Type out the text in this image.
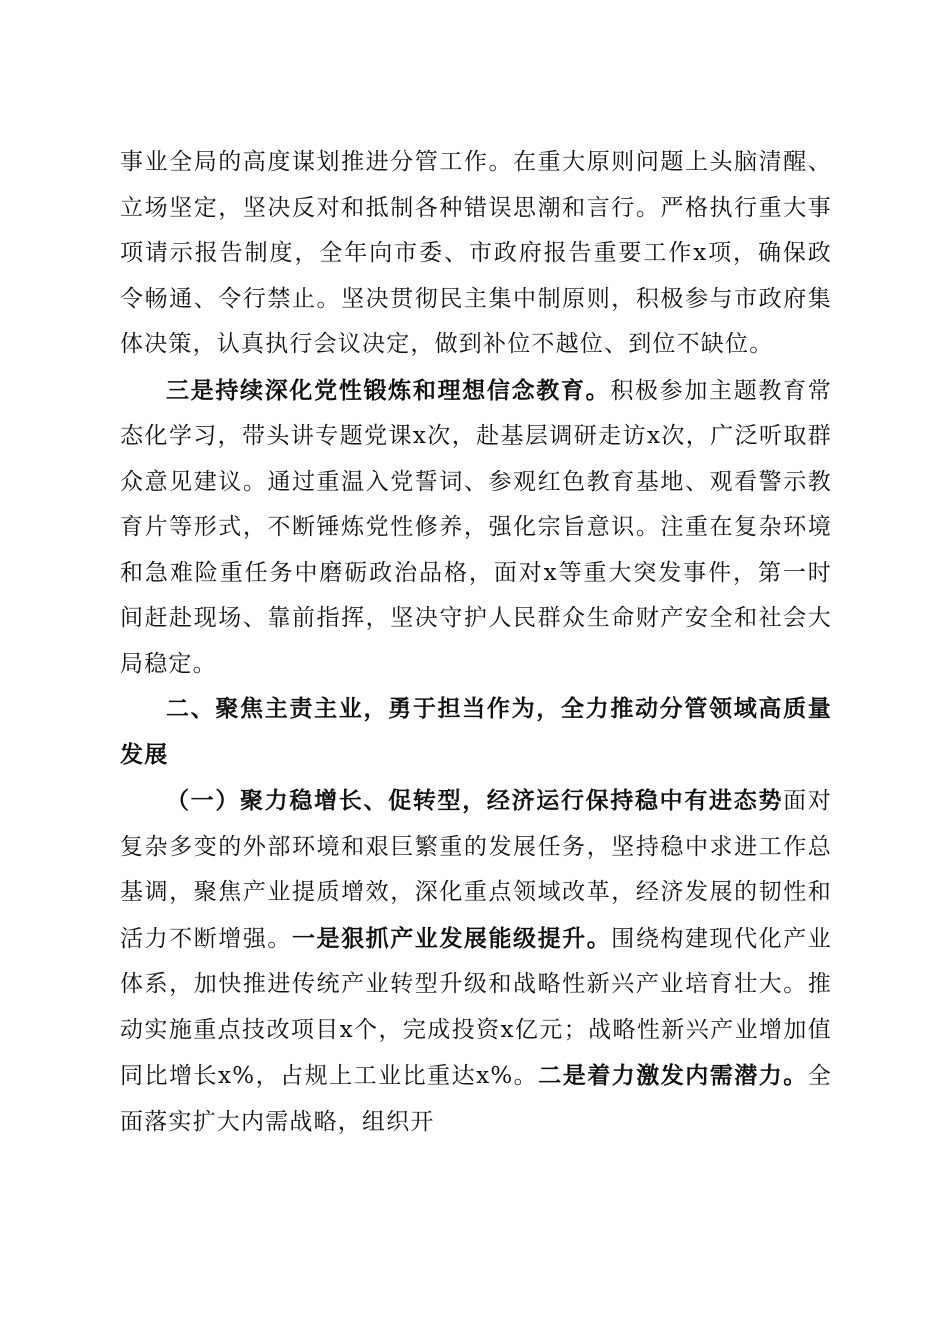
事业全局的高度谋划推进分管工作。在重大原则问题上头脑清醒、立场坚定，坚决反对和抵制各种错误思潮和言行。严格执行重大事项请示报告制度，全年向市委、市政府报告重要工作x项，确保政令畅通、令行禁止。坚决贯彻民主集中制原则，积极参与市政府集体决策，认真执行会议决定，做到补位不越位、到位不缺位。

三是持续深化党性锻炼和理想信念教育。积极参加主题教育常态化学习，带头讲专题党课x次，赴基层调研走访x次，广泛听取群众意见建议。通过重温入党誓词、参观红色教育基地、观看警示教育片等形式，不断锤炼党性修养，强化宗旨意识。注重在复杂环境和急难险重任务中磨砺政治品格，面对x等重大突发事件，第一时间赶赴现场、靠前指挥，坚决守护人民群众生命财产安全和社会大局稳定。

二、聚焦主责主业，勇于担当作为，全力推动分管领域高质量发展

（一）聚力稳增长、促转型，经济运行保持稳中有进态势面对复杂多变的外部环境和艰巨繁重的发展任务，坚持稳中求进工作总基调，聚焦产业提质增效，深化重点领域改革，经济发展的韧性和活力不断增强。一是狠抓产业发展能级提升。围绕构建现代化产业体系，加快推进传统产业转型升级和战略性新兴产业培育壮大。推动实施重点技改项目x个，完成投资x亿元；战略性新兴产业增加值同比增长x%，占规上工业比重达x%。二是着力激发内需潜力。全面落实扩大内需战略，组织开
